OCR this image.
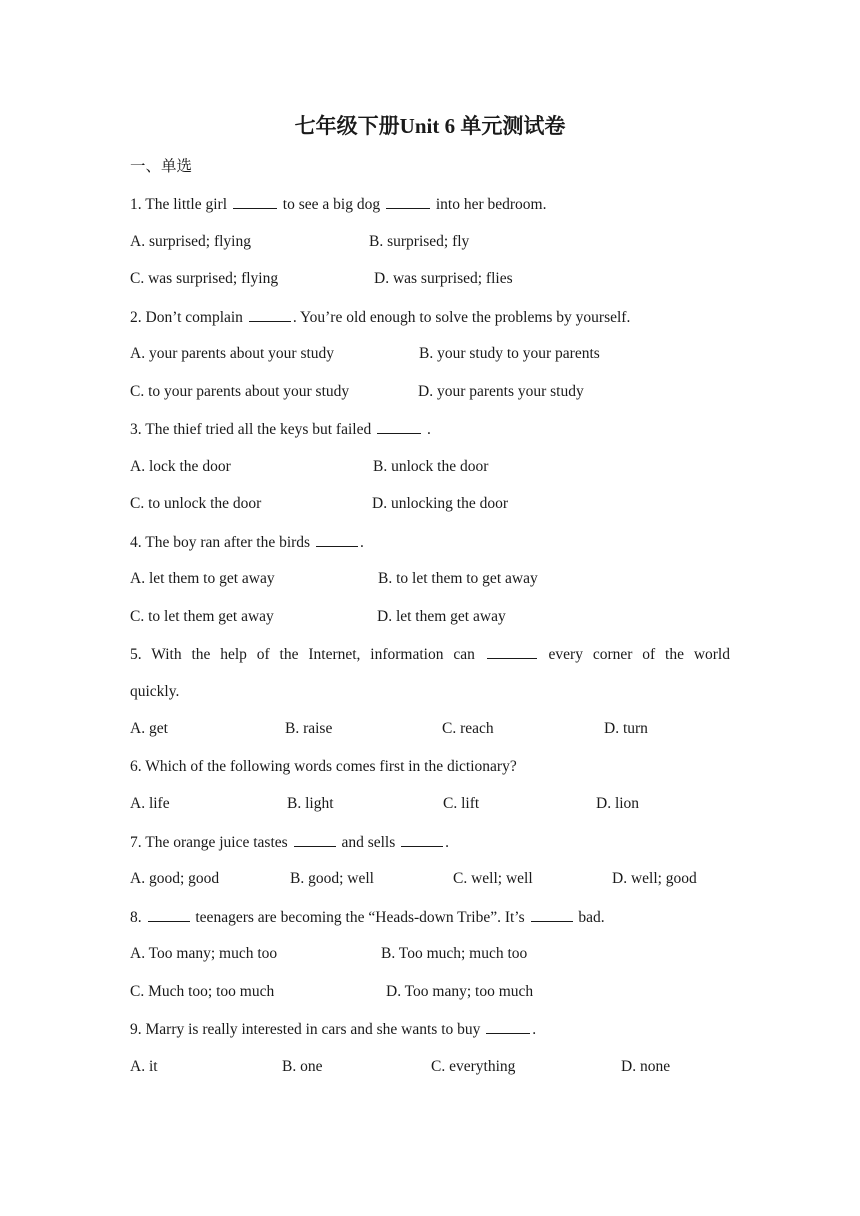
七年级下册Unit 6 单元测试卷
一、单选
1. The little girl	to see a big dog	into her bedroom.
A. surprised; flying	B. surprised; fly
C. was surprised; flying	D. was surprised; flies
2. Don’t complain	. You’re old enough to solve the problems by yourself.
A. your parents about your study	B. your study to your parents
C. to your parents about your study	D. your parents your study
3. The thief tried all the keys but failed	.
A. lock the door	B. unlock the door
C. to unlock the door	D. unlocking the door
4. The boy ran after the birds	.
A. let them to get away	B. to let them to get away
C. to let them get away	D. let them get away
5. With the help of the Internet, information can	every corner of the world
quickly.
A. get	B. raise	C. reach	D. turn
6. Which of the following words comes first in the dictionary?
A. life	B. light	C. lift	D. lion
7. The orange juice tastes	and sells	.
A. good; good	B. good; well	C. well; well	D. well; good
8.	teenagers are becoming the “Heads-down Tribe”. It’s	bad.
A. Too many; much too	B. Too much; much too
C. Much too; too much	D. Too many; too much
9. Marry is really interested in cars and she wants to buy	.
A. it	B. one	C. everything	D. none
